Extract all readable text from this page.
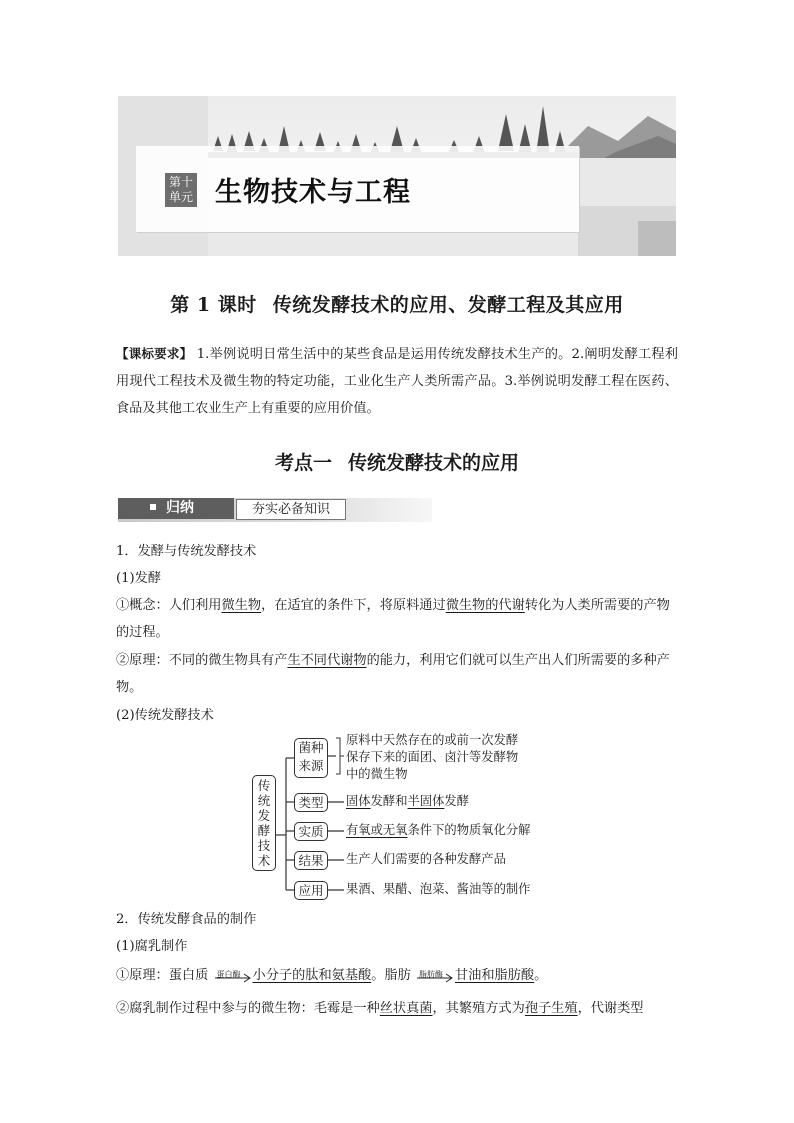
第十
单元 生物技术与工程
第 1 课时 传统发酵技术的应用、发酵工程及其应用
【课标要求】 1.举例说明日常生活中的某些食品是运用传统发酵技术生产的。2.阐明发酵工程利用现代工程技术及微生物的特定功能，工业化生产人类所需产品。3.举例说明发酵工程在医药、食品及其他工农业生产上有重要的应用价值。
考点一 传统发酵技术的应用
归纳	夯实必备知识
1．发酵与传统发酵技术
(1)发酵
①概念：人们利用微生物，在适宜的条件下，将原料通过微生物的代谢转化为人类所需要的产物的过程。
②原理：不同的微生物具有产生不同代谢物的能力，利用它们就可以生产出人们所需要的多种产物。
(2)传统发酵技术
传
统
发
酵
技
术
菌种
来源
原料中天然存在的或前一次发酵
保存下来的面团、卤汁等发酵物
中的微生物
类型	固体发酵和半固体发酵
实质	有氧或无氧条件下的物质氧化分解
结果	生产人们需要的各种发酵产品
应用	果酒、果醋、泡菜、酱油等的制作
2．传统发酵食品的制作
(1)腐乳制作
①原理：蛋白质 蛋白酶 小分子的肽和氨基酸。脂肪 脂肪酶 甘油和脂肪酸。
②腐乳制作过程中参与的微生物：毛霉是一种丝状真菌，其繁殖方式为孢子生殖，代谢类型
